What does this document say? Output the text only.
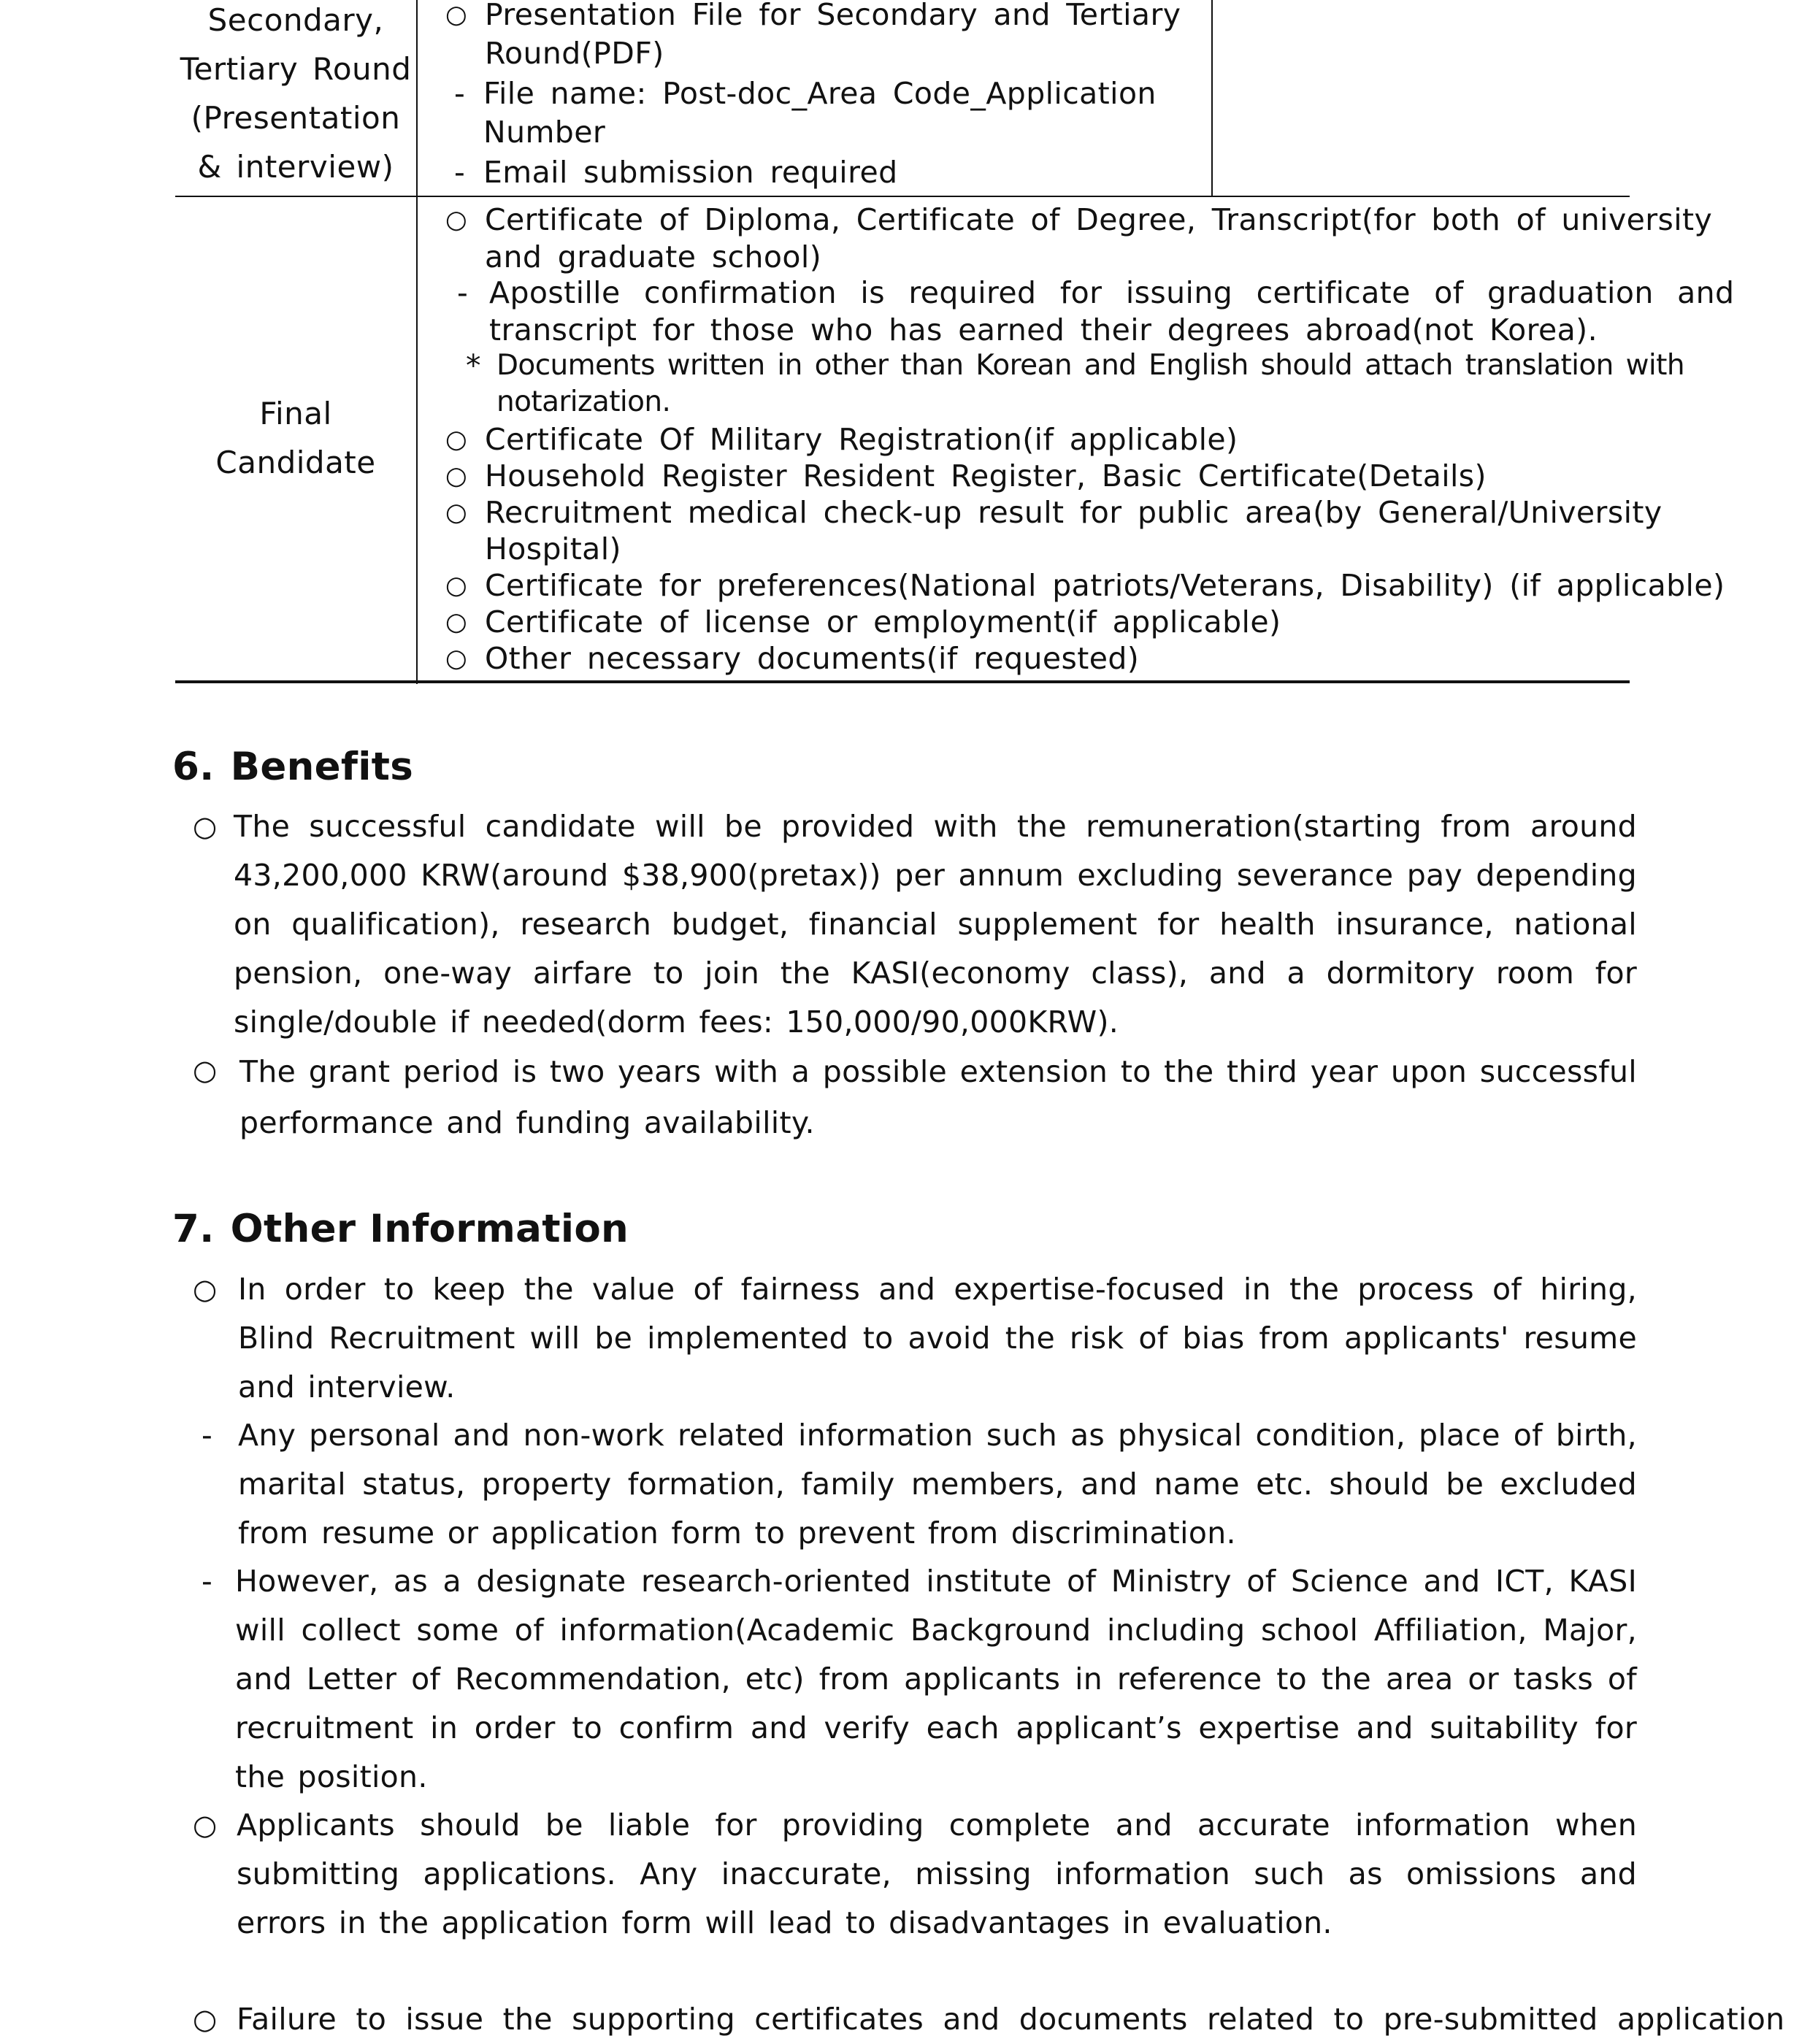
Secondary,
Tertiary Round
(Presentation
& interview)
○ Presentation File for Secondary and Tertiary
Round(PDF)
- File name: Post-doc_Area Code_Application
Number
- Email submission required
Final
Candidate
○ Certificate of Diploma, Certificate of Degree, Transcript(for both of university
and graduate school)
- Apostille confirmation is required for issuing certificate of graduation and
transcript for those who has earned their degrees abroad(not Korea).
* Documents written in other than Korean and English should attach translation with
notarization.
○ Certificate Of Military Registration(if applicable)
○ Household Register Resident Register, Basic Certificate(Details)
○ Recruitment medical check-up result for public area(by General/University
Hospital)
○ Certificate for preferences(National patriots/Veterans, Disability) (if applicable)
○ Certificate of license or employment(if applicable)
○ Other necessary documents(if requested)
6. Benefits
○ The successful candidate will be provided with the remuneration(starting from around 43,200,000 KRW(around $38,900(pretax)) per annum excluding severance pay depending on qualification), research budget, financial supplement for health insurance, national pension, one-way airfare to join the KASI(economy class), and a dormitory room for single/double if needed(dorm fees: 150,000/90,000KRW).
○ The grant period is two years with a possible extension to the third year upon successful performance and funding availability.
7. Other Information
○ In order to keep the value of fairness and expertise-focused in the process of hiring, Blind Recruitment will be implemented to avoid the risk of bias from applicants' resume and interview.
- Any personal and non-work related information such as physical condition, place of birth, marital status, property formation, family members, and name etc. should be excluded from resume or application form to prevent from discrimination.
- However, as a designate research-oriented institute of Ministry of Science and ICT, KASI will collect some of information(Academic Background including school Affiliation, Major, and Letter of Recommendation, etc) from applicants in reference to the area or tasks of recruitment in order to confirm and verify each applicant’s expertise and suitability for the position.
○ Applicants should be liable for providing complete and accurate information when submitting applications. Any inaccurate, missing information such as omissions and errors in the application form will lead to disadvantages in evaluation.
○ Failure to issue the supporting certificates and documents related to pre-submitted application
